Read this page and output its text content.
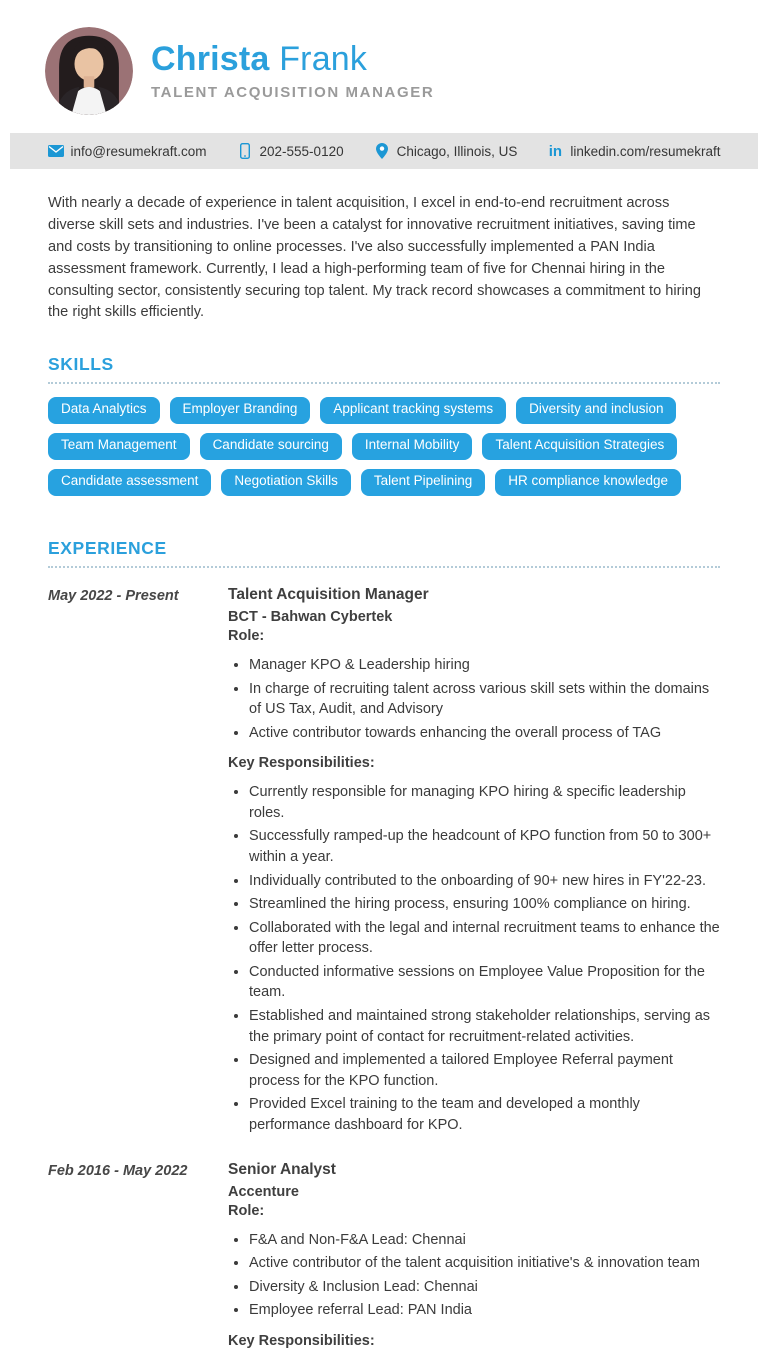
Christa Frank
TALENT ACQUISITION MANAGER
info@resumekraft.com	202-555-0120	Chicago, Illinois, US in linkedin.com/resumekraft

With nearly a decade of experience in talent acquisition, I excel in end-to-end recruitment across diverse skill sets and industries. I've been a catalyst for innovative recruitment initiatives, saving time and costs by transitioning to online processes. I've also successfully implemented a PAN India assessment framework. Currently, I lead a high-performing team of five for Chennai hiring in the consulting sector, consistently securing top talent. My track record showcases a commitment to hiring the right skills efficiently.

SKILLS
Data Analytics	Employer Branding	Applicant tracking systems	Diversity and inclusion
Team Management	Candidate sourcing	Internal Mobility	Talent Acquisition Strategies
Candidate assessment	Negotiation Skills	Talent Pipelining	HR compliance knowledge
EXPERIENCE
May 2022 - Present	Talent Acquisition Manager
BCT - Bahwan Cybertek
Role:
• Manager KPO & Leadership hiring
• In charge of recruiting talent across various skill sets within the domains of US Tax, Audit, and Advisory
• Active contributor towards enhancing the overall process of TAG
Key Responsibilities:
• Currently responsible for managing KPO hiring & specific leadership roles.
• Successfully ramped-up the headcount of KPO function from 50 to 300+ within a year.
• Individually contributed to the onboarding of 90+ new hires in FY'22-23.
• Streamlined the hiring process, ensuring 100% compliance on hiring.
• Collaborated with the legal and internal recruitment teams to enhance the offer letter process.
• Conducted informative sessions on Employee Value Proposition for the team.
• Established and maintained strong stakeholder relationships, serving as the primary point of contact for recruitment-related activities.
• Designed and implemented a tailored Employee Referral payment process for the KPO function.
• Provided Excel training to the team and developed a monthly performance dashboard for KPO.
Feb 2016 - May 2022	Senior Analyst
Accenture
Role:
• F&A and Non-F&A Lead: Chennai
• Active contributor of the talent acquisition initiative's & innovation team
• Diversity & Inclusion Lead: Chennai
• Employee referral Lead: PAN India
Key Responsibilities:
